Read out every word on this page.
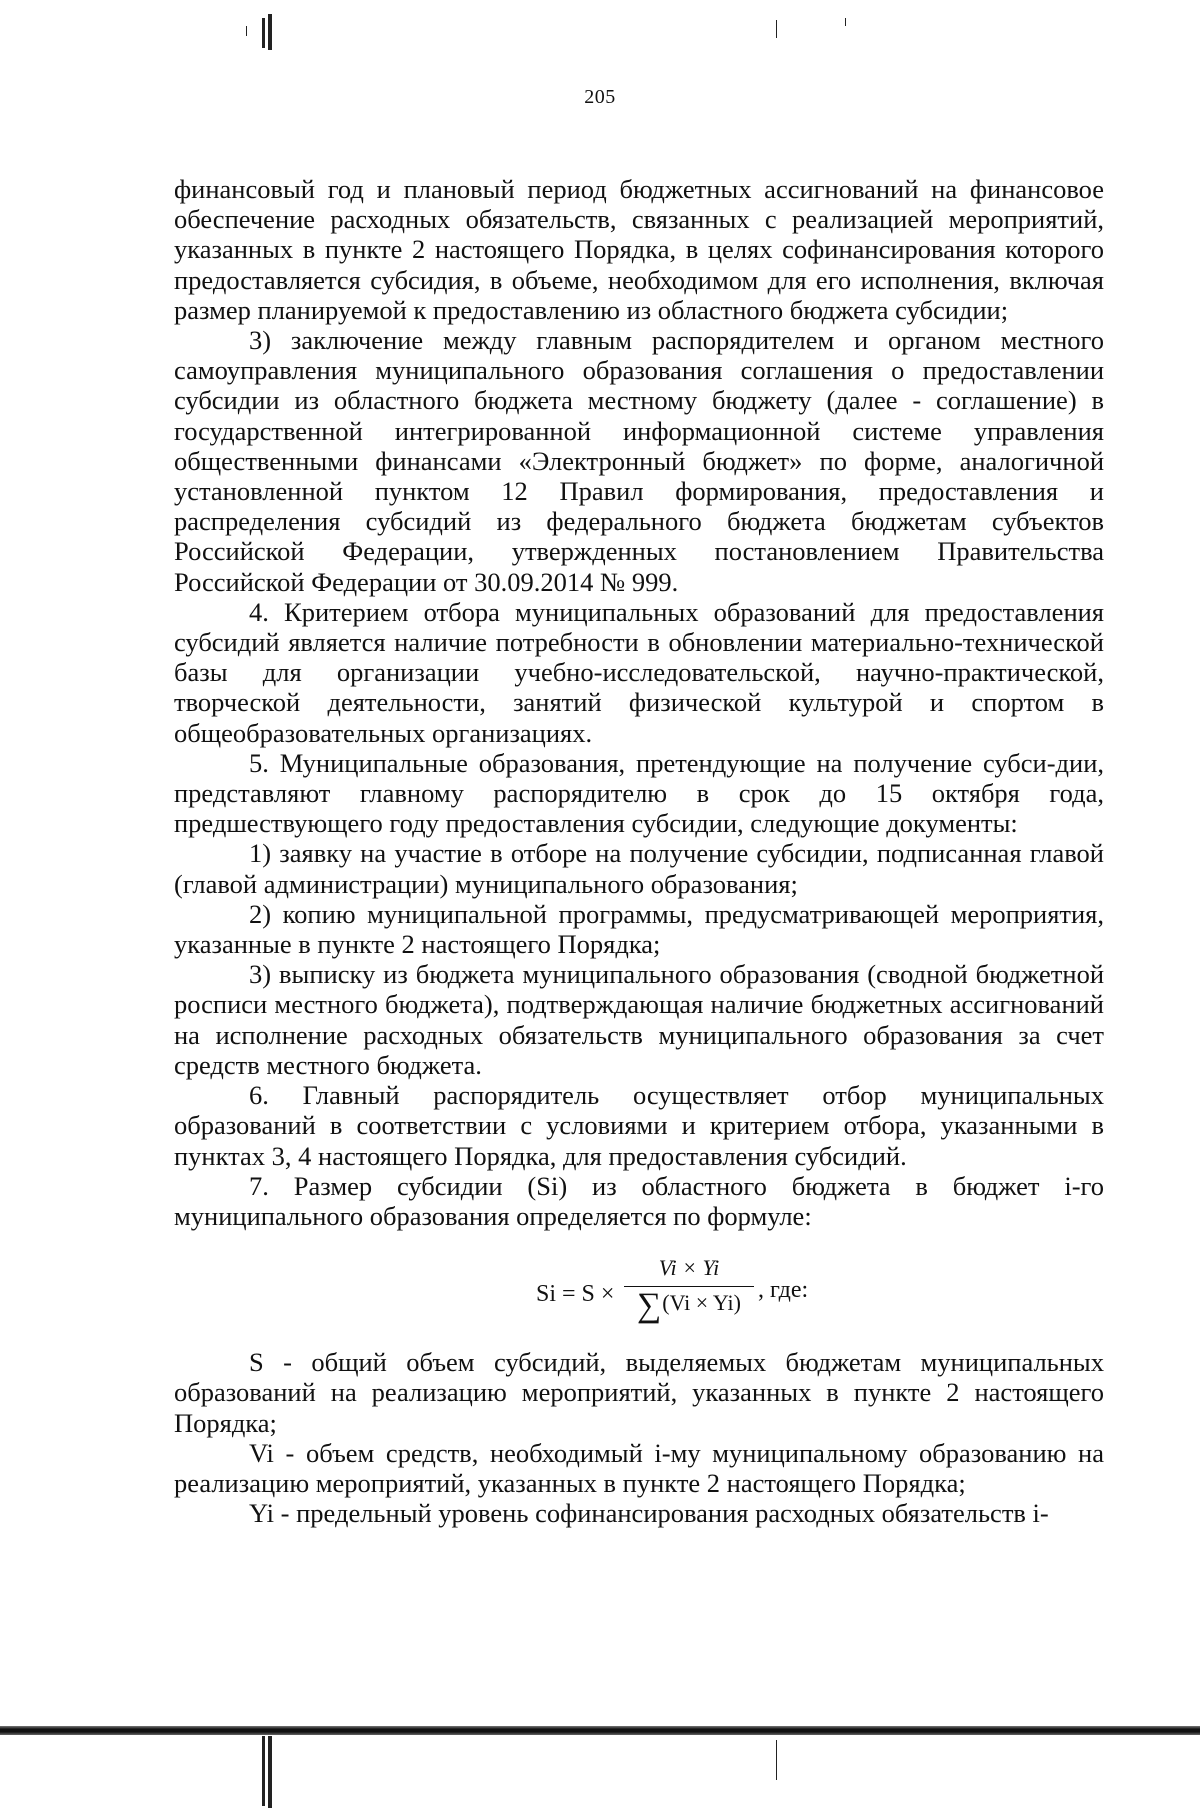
205

финансовый год и плановый период бюджетных ассигнований на финансовое обеспечение расходных обязательств, связанных с реализацией мероприятий, указанных в пункте 2 настоящего Порядка, в целях софинансирования которого предоставляется субсидия, в объеме, необходимом для его исполнения, включая размер планируемой к предоставлению из областного бюджета субсидии;

3) заключение между главным распорядителем и органом местного самоуправления муниципального образования соглашения о предоставлении субсидии из областного бюджета местному бюджету (далее - соглашение) в государственной интегрированной информационной системе управления общественными финансами «Электронный бюджет» по форме, аналогичной установленной пунктом 12 Правил формирования, предоставления и распределения субсидий из федерального бюджета бюджетам субъектов Российской Федерации, утвержденных постановлением Правительства Российской Федерации от 30.09.2014 № 999.

4. Критерием отбора муниципальных образований для предоставления субсидий является наличие потребности в обновлении материально-технической базы для организации учебно-исследовательской, научно-практической, творческой деятельности, занятий физической культурой и спортом в общеобразовательных организациях.

5. Муниципальные образования, претендующие на получение субси-дии, представляют главному распорядителю в срок до 15 октября года, предшествующего году предоставления субсидии, следующие документы:

1) заявку на участие в отборе на получение субсидии, подписанная главой (главой администрации) муниципального образования;

2) копию муниципальной программы, предусматривающей мероприятия, указанные в пункте 2 настоящего Порядка;

3) выписку из бюджета муниципального образования (сводной бюджетной росписи местного бюджета), подтверждающая наличие бюджетных ассигнований на исполнение расходных обязательств муниципального образования за счет средств местного бюджета.

6. Главный распорядитель осуществляет отбор муниципальных образований в соответствии с условиями и критерием отбора, указанными в пунктах 3, 4 настоящего Порядка, для предоставления субсидий.

7. Размер субсидии (Si) из областного бюджета в бюджет i-го муниципального образования определяется по формуле:

Si = S ×
Vi × Yi
∑(Vi × Yi) , где:

S - общий объем субсидий, выделяемых бюджетам муниципальных образований на реализацию мероприятий, указанных в пункте 2 настоящего Порядка;

Vi - объем средств, необходимый i-му муниципальному образованию на реализацию мероприятий, указанных в пункте 2 настоящего Порядка;

Yi - предельный уровень софинансирования расходных обязательств i-
